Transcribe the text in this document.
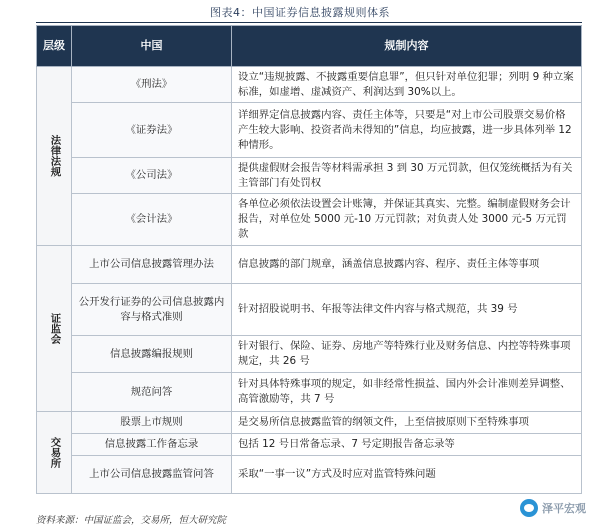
图表4：中国证券信息披露规则体系
层级	中国	规制内容
法律法规	《刑法》	设立“违规披露、不披露重要信息罪”，但只针对单位犯罪；列明 9 种立案标准，如虚增、虚减资产、利润达到 30%以上。
	《证券法》	详细界定信息披露内容、责任主体等，只要是“对上市公司股票交易价格产生较大影响、投资者尚未得知的”信息，均应披露，进一步具体列举 12 种情形。
	《公司法》	提供虚假财会报告等材料需承担 3 到 30 万元罚款，但仅笼统概括为有关主管部门有处罚权
	《会计法》	各单位必须依法设置会计账簿，并保证其真实、完整。编制虚假财务会计报告，对单位处 5000 元-10 万元罚款；对负责人处 3000 元-5 万元罚款
证监会	上市公司信息披露管理办法	信息披露的部门规章，涵盖信息披露内容、程序、责任主体等事项
	公开发行证券的公司信息披露内容与格式准则	针对招股说明书、年报等法律文件内容与格式规范，共 39 号
	信息披露编报规则	针对银行、保险、证券、房地产等特殊行业及财务信息、内控等特殊事项规定，共 26 号
	规范问答	针对具体特殊事项的规定，如非经常性损益、国内外会计准则差异调整、高管激励等，共 7 号
交易所	股票上市规则	是交易所信息披露监管的纲领文件，上至信披原则下至特殊事项
	信息披露工作备忘录	包括 12 号日常备忘录、7 号定期报告备忘录等
	上市公司信息披露监管问答	采取“一事一议”方式及时应对监管特殊问题
资料来源：中国证监会，交易所，恒大研究院
泽平宏观
